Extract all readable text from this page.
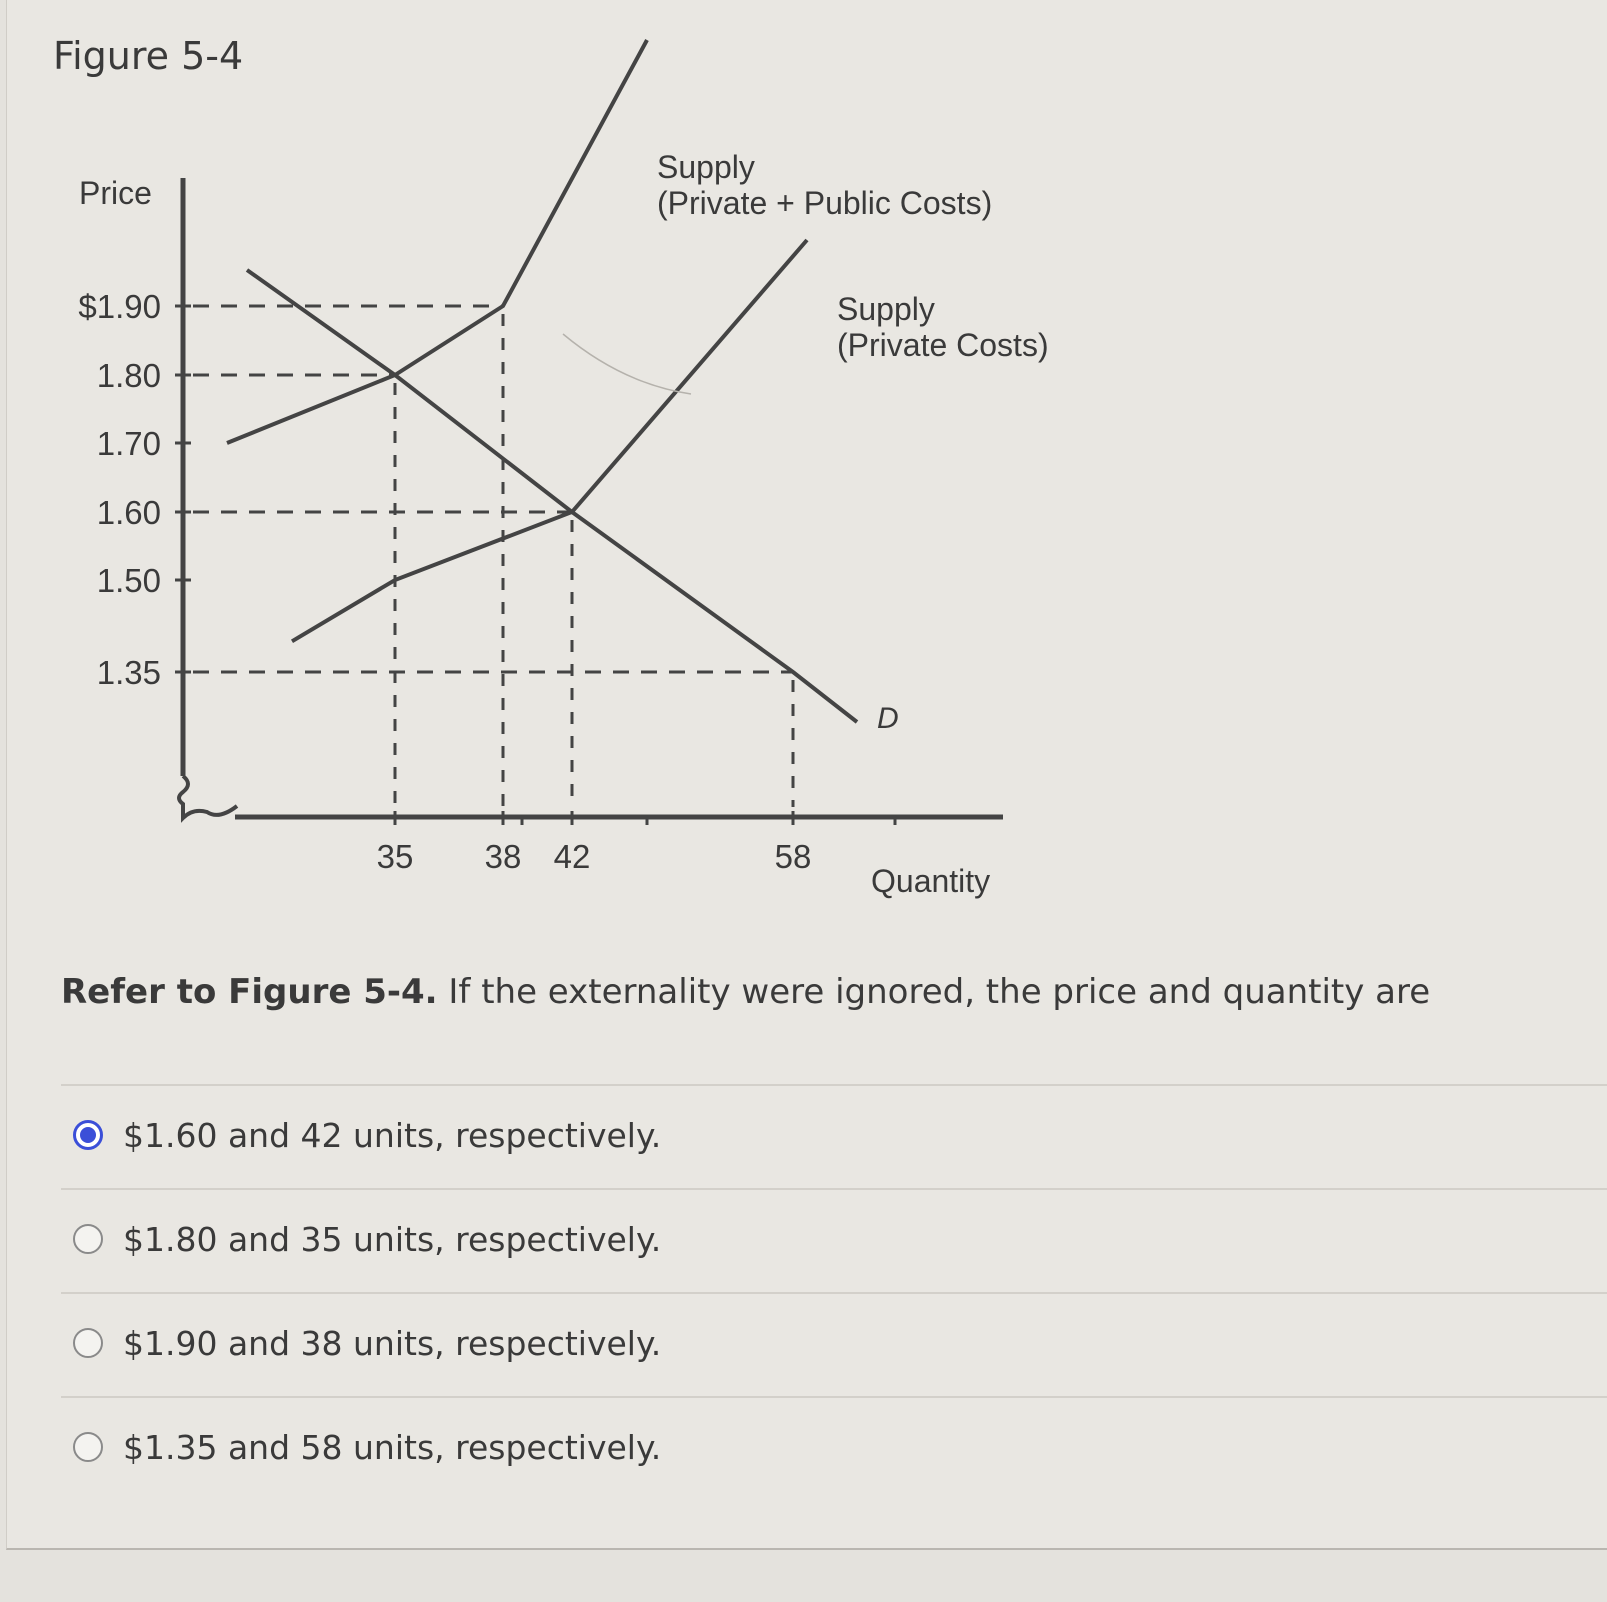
Figure 5-4
Price
Quantity
$1.90
1.80
1.70
1.60
1.50
1.35
35 38 42	58
Supply
(Private + Public Costs)
Supply
(Private Costs)
D
Refer to Figure 5-4. If the externality were ignored, the price and quantity are
$1.60 and 42 units, respectively.
$1.80 and 35 units, respectively.
$1.90 and 38 units, respectively.
$1.35 and 58 units, respectively.
